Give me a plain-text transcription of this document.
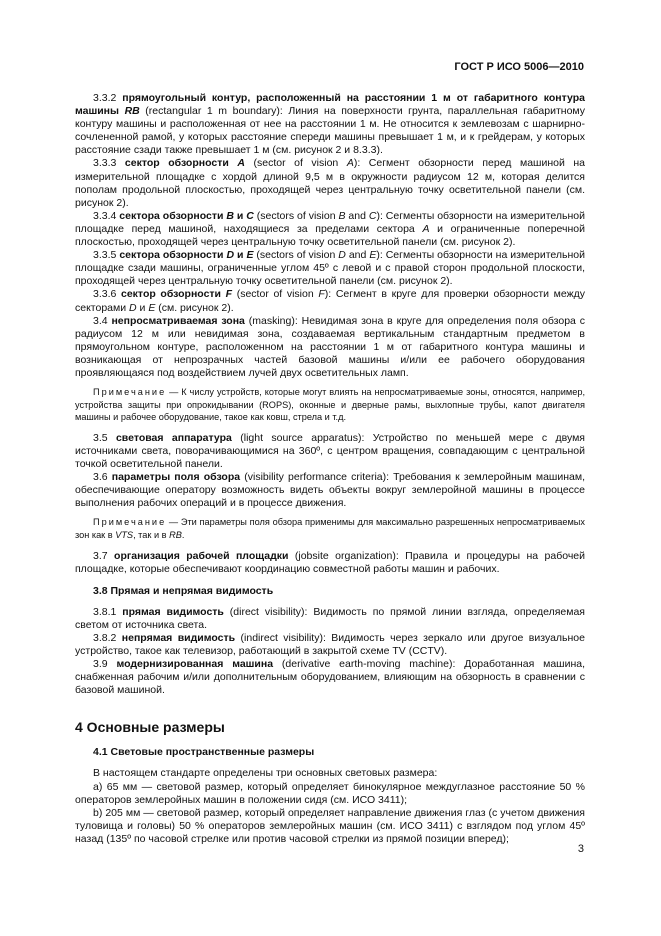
ГОСТ Р ИСО 5006—2010

3.3.2 прямоугольный контур, расположенный на расстоянии 1 м от габаритного контура машины RB (rectangular 1 m boundary): Линия на поверхности грунта, параллельная габаритному контуру машины и расположенная от нее на расстоянии 1 м. Не относится к землевозам с шарнирно-сочлененной рамой, у которых расстояние спереди машины превышает 1 м, и к грейдерам, у которых расстояние сзади также превышает 1 м (см. рисунок 2 и 8.3.3).

3.3.3 сектор обзорности A (sector of vision A): Сегмент обзорности перед машиной на измерительной площадке с хордой длиной 9,5 м в окружности радиусом 12 м, которая делится пополам продольной плоскостью, проходящей через центральную точку осветительной панели (см. рисунок 2).

3.3.4 сектора обзорности B и C (sectors of vision B and C): Сегменты обзорности на измерительной площадке перед машиной, находящиеся за пределами сектора A и ограниченные поперечной плоскостью, проходящей через центральную точку осветительной панели (см. рисунок 2).

3.3.5 сектора обзорности D и E (sectors of vision D and E): Сегменты обзорности на измерительной площадке сзади машины, ограниченные углом 45º с левой и с правой сторон продольной плоскости, проходящей через центральную точку осветительной панели (см. рисунок 2).

3.3.6 сектор обзорности F (sector of vision F): Сегмент в круге для проверки обзорности между секторами D и E (см. рисунок 2).

3.4 непросматриваемая зона (masking): Невидимая зона в круге для определения поля обзора с радиусом 12 м или невидимая зона, создаваемая вертикальным стандартным предметом в прямоугольном контуре, расположенном на расстоянии 1 м от габаритного контура машины и возникающая от непрозрачных частей базовой машины и/или ее рабочего оборудования проявляющаяся под воздействием лучей двух осветительных ламп.

Примечание — К числу устройств, которые могут влиять на непросматриваемые зоны, относятся, например, устройства защиты при опрокидывании (ROPS), оконные и дверные рамы, выхлопные трубы, капот двигателя машины и рабочее оборудование, такое как ковш, стрела и т.д.

3.5 световая аппаратура (light source apparatus): Устройство по меньшей мере с двумя источниками света, поворачивающимися на 360º, с центром вращения, совпадающим с центральной точкой осветительной панели.

3.6 параметры поля обзора (visibility performance criteria): Требования к землеройным машинам, обеспечивающие оператору возможность видеть объекты вокруг землеройной машины в процессе выполнения рабочих операций и в процессе движения.

Примечание — Эти параметры поля обзора применимы для максимально разрешенных непросматриваемых зон как в VTS, так и в RB.

3.7 организация рабочей площадки (jobsite organization): Правила и процедуры на рабочей площадке, которые обеспечивают координацию совместной работы машин и рабочих.

3.8 Прямая и непрямая видимость

3.8.1 прямая видимость (direct visibility): Видимость по прямой линии взгляда, определяемая светом от источника света.

3.8.2 непрямая видимость (indirect visibility): Видимость через зеркало или другое визуальное устройство, такое как телевизор, работающий в закрытой схеме TV (CCTV).

3.9 модернизированная машина (derivative earth-moving machine): Доработанная машина, снабженная рабочим и/или дополнительным оборудованием, влияющим на обзорность в сравнении с базовой машиной.

4 Основные размеры

4.1 Световые пространственные размеры

В настоящем стандарте определены три основных световых размера:

a) 65 мм — световой размер, который определяет бинокулярное междуглазное расстояние 50 % операторов землеройных машин в положении сидя (см. ИСО 3411);

b) 205 мм — световой размер, который определяет направление движения глаз (с учетом движения туловища и головы) 50 % операторов землеройных машин (см. ИСО 3411) с взглядом под углом 45º назад (135º по часовой стрелке или против часовой стрелки из прямой позиции вперед);

3
